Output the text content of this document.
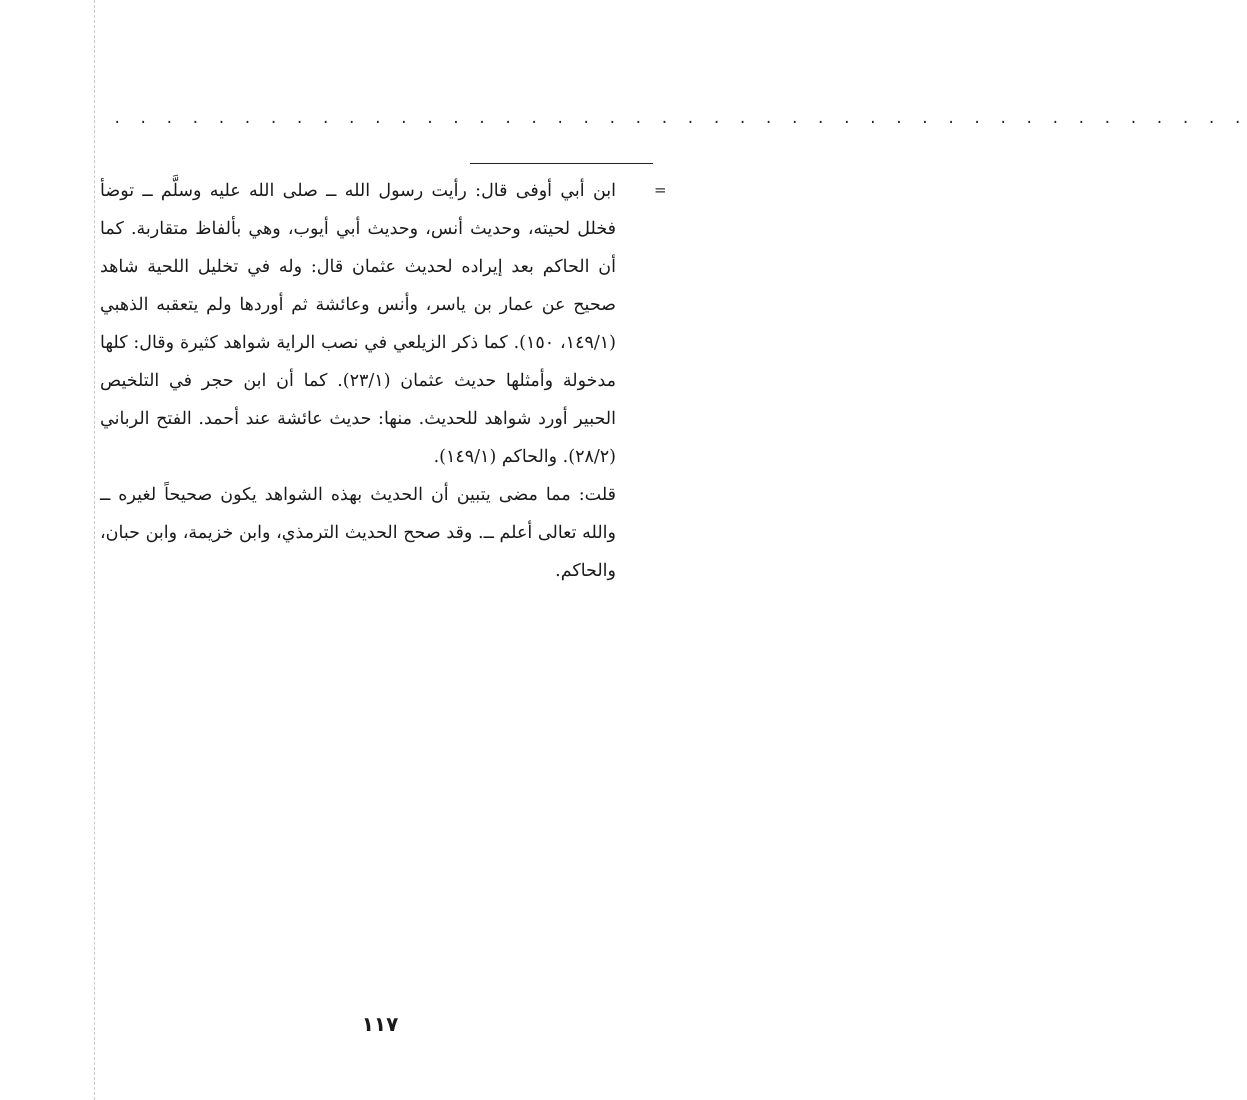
. . . . . . . . . . . . . . . . . . . . . . . . . . . . . . . . . . . . . . . . . . . .
=

ابن أبي أوفى قال: رأيت رسول الله ــ صلى الله عليه وسلَّم ــ توضأ فخلل لحيته، وحديث أنس، وحديث أبي أيوب، وهي بألفاظ متقاربة. كما أن الحاكم بعد إيراده لحديث عثمان قال: وله في تخليل اللحية شاهد صحيح عن عمار بن ياسر، وأنس وعائشة ثم أوردها ولم يتعقبه الذهبي (١٤٩/١، ١٥٠). كما ذكر الزيلعي في نصب الراية شواهد كثيرة وقال: كلها مدخولة وأمثلها حديث عثمان (٢٣/١). كما أن ابن حجر في التلخيص الحبير أورد شواهد للحديث. منها: حديث عائشة عند أحمد. الفتح الرباني (٢٨/٢). والحاكم (١٤٩/١).

قلت: مما مضى يتبين أن الحديث بهذه الشواهد يكون صحيحاً لغيره ــ والله تعالى أعلم ــ. وقد صحح الحديث الترمذي، وابن خزيمة، وابن حبان، والحاكم.

١١٧
